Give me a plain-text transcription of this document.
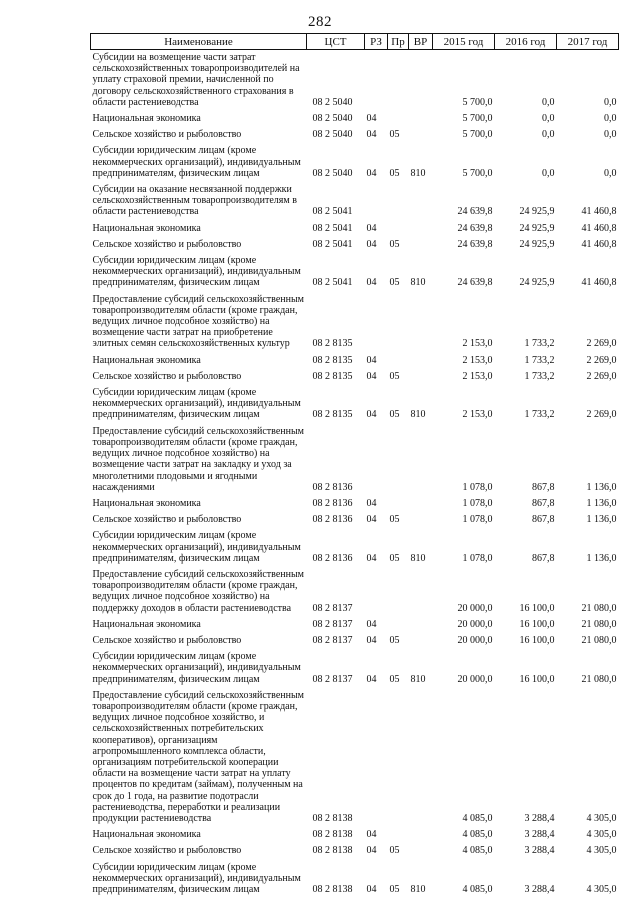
282
Наименование	ЦСТ	РЗ	Пр	ВР	2015 год	2016 год	2017 год
Субсидии на возмещение части затрат сельскохозяйственных товаропроизводителей на уплату страховой премии, начисленной по договору сельскохозяйственного страхования в области растениеводства	08 2 5040				5 700,0	0,0	0,0
Национальная экономика	08 2 5040	04			5 700,0	0,0	0,0
Сельское хозяйство и рыболовство	08 2 5040	04	05		5 700,0	0,0	0,0
Субсидии юридическим лицам (кроме некоммерческих организаций), индивидуальным предпринимателям, физическим лицам	08 2 5040	04	05	810	5 700,0	0,0	0,0
Субсидии на оказание несвязанной поддержки сельскохозяйственным товаропроизводителям в области растениеводства	08 2 5041				24 639,8	24 925,9	41 460,8
Национальная экономика	08 2 5041	04			24 639,8	24 925,9	41 460,8
Сельское хозяйство и рыболовство	08 2 5041	04	05		24 639,8	24 925,9	41 460,8
Субсидии юридическим лицам (кроме некоммерческих организаций), индивидуальным предпринимателям, физическим лицам	08 2 5041	04	05	810	24 639,8	24 925,9	41 460,8
Предоставление субсидий сельскохозяйственным товаропроизводителям области (кроме граждан, ведущих личное подсобное хозяйство) на возмещение части затрат на приобретение элитных семян сельскохозяйственных культур	08 2 8135				2 153,0	1 733,2	2 269,0
Национальная экономика	08 2 8135	04			2 153,0	1 733,2	2 269,0
Сельское хозяйство и рыболовство	08 2 8135	04	05		2 153,0	1 733,2	2 269,0
Субсидии юридическим лицам (кроме некоммерческих организаций), индивидуальным предпринимателям, физическим лицам	08 2 8135	04	05	810	2 153,0	1 733,2	2 269,0
Предоставление субсидий сельскохозяйственным товаропроизводителям области (кроме граждан, ведущих личное подсобное хозяйство) на возмещение части затрат на закладку и уход за многолетними плодовыми и ягодными насаждениями	08 2 8136				1 078,0	867,8	1 136,0
Национальная экономика	08 2 8136	04			1 078,0	867,8	1 136,0
Сельское хозяйство и рыболовство	08 2 8136	04	05		1 078,0	867,8	1 136,0
Субсидии юридическим лицам (кроме некоммерческих организаций), индивидуальным предпринимателям, физическим лицам	08 2 8136	04	05	810	1 078,0	867,8	1 136,0
Предоставление субсидий сельскохозяйственным товаропроизводителям области (кроме граждан, ведущих личное подсобное хозяйство) на поддержку доходов в области растениеводства	08 2 8137				20 000,0	16 100,0	21 080,0
Национальная экономика	08 2 8137	04			20 000,0	16 100,0	21 080,0
Сельское хозяйство и рыболовство	08 2 8137	04	05		20 000,0	16 100,0	21 080,0
Субсидии юридическим лицам (кроме некоммерческих организаций), индивидуальным предпринимателям, физическим лицам	08 2 8137	04	05	810	20 000,0	16 100,0	21 080,0
Предоставление субсидий сельскохозяйственным товаропроизводителям области (кроме граждан, ведущих личное подсобное хозяйство, и сельскохозяйственных потребительских кооперативов), организациям агропромышленного комплекса области, организациям потребительской кооперации области на возмещение части затрат на уплату процентов по кредитам (займам), полученным на срок до 1 года, на развитие подотрасли растениеводства, переработки и реализации продукции растениеводства	08 2 8138				4 085,0	3 288,4	4 305,0
Национальная экономика	08 2 8138	04			4 085,0	3 288,4	4 305,0
Сельское хозяйство и рыболовство	08 2 8138	04	05		4 085,0	3 288,4	4 305,0
Субсидии юридическим лицам (кроме некоммерческих организаций), индивидуальным предпринимателям, физическим лицам	08 2 8138	04	05	810	4 085,0	3 288,4	4 305,0
